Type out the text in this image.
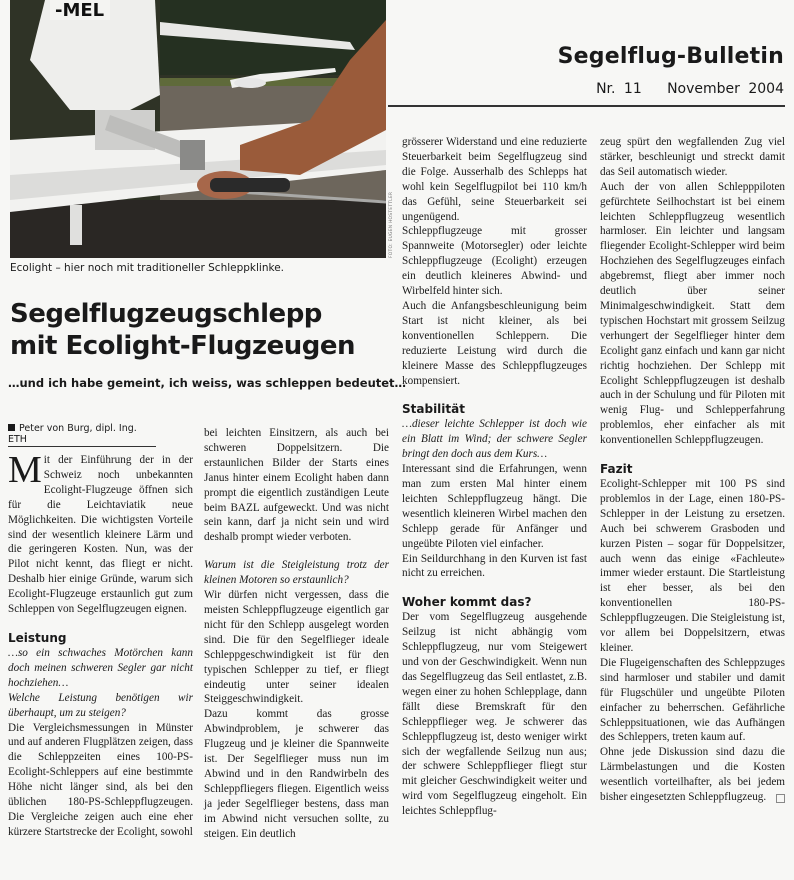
-MEL
FOTO: EUGEN HOSTETTLER
Ecolight – hier noch mit traditioneller Schleppklinke.
Segelflug-Bulletin
Nr. 11   November 2004
Segelflugzeugschlepp
mit Ecolight-Flugzeugen
…und ich habe gemeint, ich weiss, was schleppen bedeutet…
Peter von Burg, dipl. Ing. ETH

Mit der Einführung der in der Schweiz noch unbekannten Ecolight-Flugzeuge öffnen sich für die Leichtaviatik neue Möglichkeiten. Die wichtigsten Vorteile sind der wesentlich kleinere Lärm und die geringeren Kosten. Nun, was der Pilot nicht kennt, das fliegt er nicht. Deshalb hier einige Gründe, warum sich Ecolight-Flugzeuge erstaunlich gut zum Schleppen von Segelflugzeugen eignen.

Leistung

…so ein schwaches Motörchen kann doch meinen schweren Segler gar nicht hochziehen…

Welche Leistung benötigen wir überhaupt, um zu steigen?

Die Vergleichsmessungen in Münster und auf anderen Flugplätzen zeigen, dass die Schleppzeiten eines 100-PS-Ecolight-Schleppers auf eine bestimmte Höhe nicht länger sind, als bei den üblichen 180-PS-Schleppflugzeugen. Die Vergleiche zeigen auch eine eher kürzere Startstrecke der Ecolight, sowohl

bei leichten Einsitzern, als auch bei schweren Doppelsitzern. Die erstaunlichen Bilder der Starts eines Janus hinter einem Ecolight haben dann prompt die eigentlich zuständigen Leute beim BAZL aufgeweckt. Und was nicht sein kann, darf ja nicht sein und wird deshalb prompt wieder verboten.

Warum ist die Steigleistung trotz der kleinen Motoren so erstaunlich?

Wir dürfen nicht vergessen, dass die meisten Schleppflugzeuge eigentlich gar nicht für den Schlepp ausgelegt worden sind. Die für den Segelflieger ideale Schleppgeschwindigkeit ist für den typischen Schlepper zu tief, er fliegt eindeutig unter seiner idealen Steiggeschwindigkeit.

Dazu kommt das grosse Abwindproblem, je schwerer das Flugzeug und je kleiner die Spannweite ist. Der Segelflieger muss nun im Abwind und in den Randwirbeln des Schleppfliegers fliegen. Eigentlich weiss ja jeder Segelflieger bestens, dass man im Abwind nicht versuchen sollte, zu steigen. Ein deutlich

grösserer Widerstand und eine reduzierte Steuerbarkeit beim Segelflugzeug sind die Folge. Ausserhalb des Schlepps hat wohl kein Segelflugpilot bei 110 km/h das Gefühl, seine Steuerbarkeit sei ungenügend.

Schleppflugzeuge mit grosser Spannweite (Motorsegler) oder leichte Schleppflugzeuge (Ecolight) erzeugen ein deutlich kleineres Abwind- und Wirbelfeld hinter sich.

Auch die Anfangsbeschleunigung beim Start ist nicht kleiner, als bei konventionellen Schleppern. Die reduzierte Leistung wird durch die kleinere Masse des Schleppflugzeuges kompensiert.

Stabilität

…dieser leichte Schlepper ist doch wie ein Blatt im Wind; der schwere Segler bringt den doch aus dem Kurs…

Interessant sind die Erfahrungen, wenn man zum ersten Mal hinter einem leichten Schleppflugzeug hängt. Die wesentlich kleineren Wirbel machen den Schlepp gerade für Anfänger und ungeübte Piloten viel einfacher.

Ein Seildurchhang in den Kurven ist fast nicht zu erreichen.

Woher kommt das?

Der vom Segelflugzeug ausgehende Seilzug ist nicht abhängig vom Schleppflugzeug, nur vom Steigewert und von der Geschwindigkeit. Wenn nun das Segelflugzeug das Seil entlastet, z.B. wegen einer zu hohen Schlepplage, dann fällt diese Bremskraft für den Schleppflieger weg. Je schwerer das Schleppflugzeug ist, desto weniger wirkt sich der wegfallende Seilzug nun aus; der schwere Schleppflieger fliegt stur mit gleicher Geschwindigkeit weiter und wird vom Segelflugzeug eingeholt. Ein leichtes Schleppflug-

zeug spürt den wegfallenden Zug viel stärker, beschleunigt und streckt damit das Seil automatisch wieder.

Auch der von allen Schlepppiloten gefürchtete Seilhochstart ist bei einem leichten Schleppflugzeug wesentlich harmloser. Ein leichter und langsam fliegender Ecolight-Schlepper wird beim Hochziehen des Segelflugzeuges einfach abgebremst, fliegt aber immer noch deutlich über seiner Minimalgeschwindigkeit. Statt dem typischen Hochstart mit grossem Seilzug verhungert der Segelflieger hinter dem Ecolight ganz einfach und kann gar nicht richtig hochziehen. Der Schlepp mit Ecolight Schleppflugzeugen ist deshalb auch in der Schulung und für Piloten mit wenig Flug- und Schlepperfahrung problemlos, eher einfacher als mit konventionellen Schleppflugzeugen.

Fazit

Ecolight-Schlepper mit 100 PS sind problemlos in der Lage, einen 180-PS-Schlepper in der Leistung zu ersetzen. Auch bei schwerem Grasboden und kurzen Pisten – sogar für Doppelsitzer, auch wenn das einige «Fachleute» immer wieder erstaunt. Die Startleistung ist eher besser, als bei den konventionellen 180-PS-Schleppflugzeugen. Die Steigleistung ist, vor allem bei Doppelsitzern, etwas kleiner.

Die Flugeigenschaften des Schleppzuges sind harmloser und stabiler und damit für Flugschüler und ungeübte Piloten einfacher zu beherrschen. Gefährliche Schleppsituationen, wie das Aufhängen des Schleppers, treten kaum auf.

Ohne jede Diskussion sind dazu die Lärmbelastungen und die Kosten wesentlich vorteilhafter, als bei jedem bisher eingesetzten Schleppflugzeug.
